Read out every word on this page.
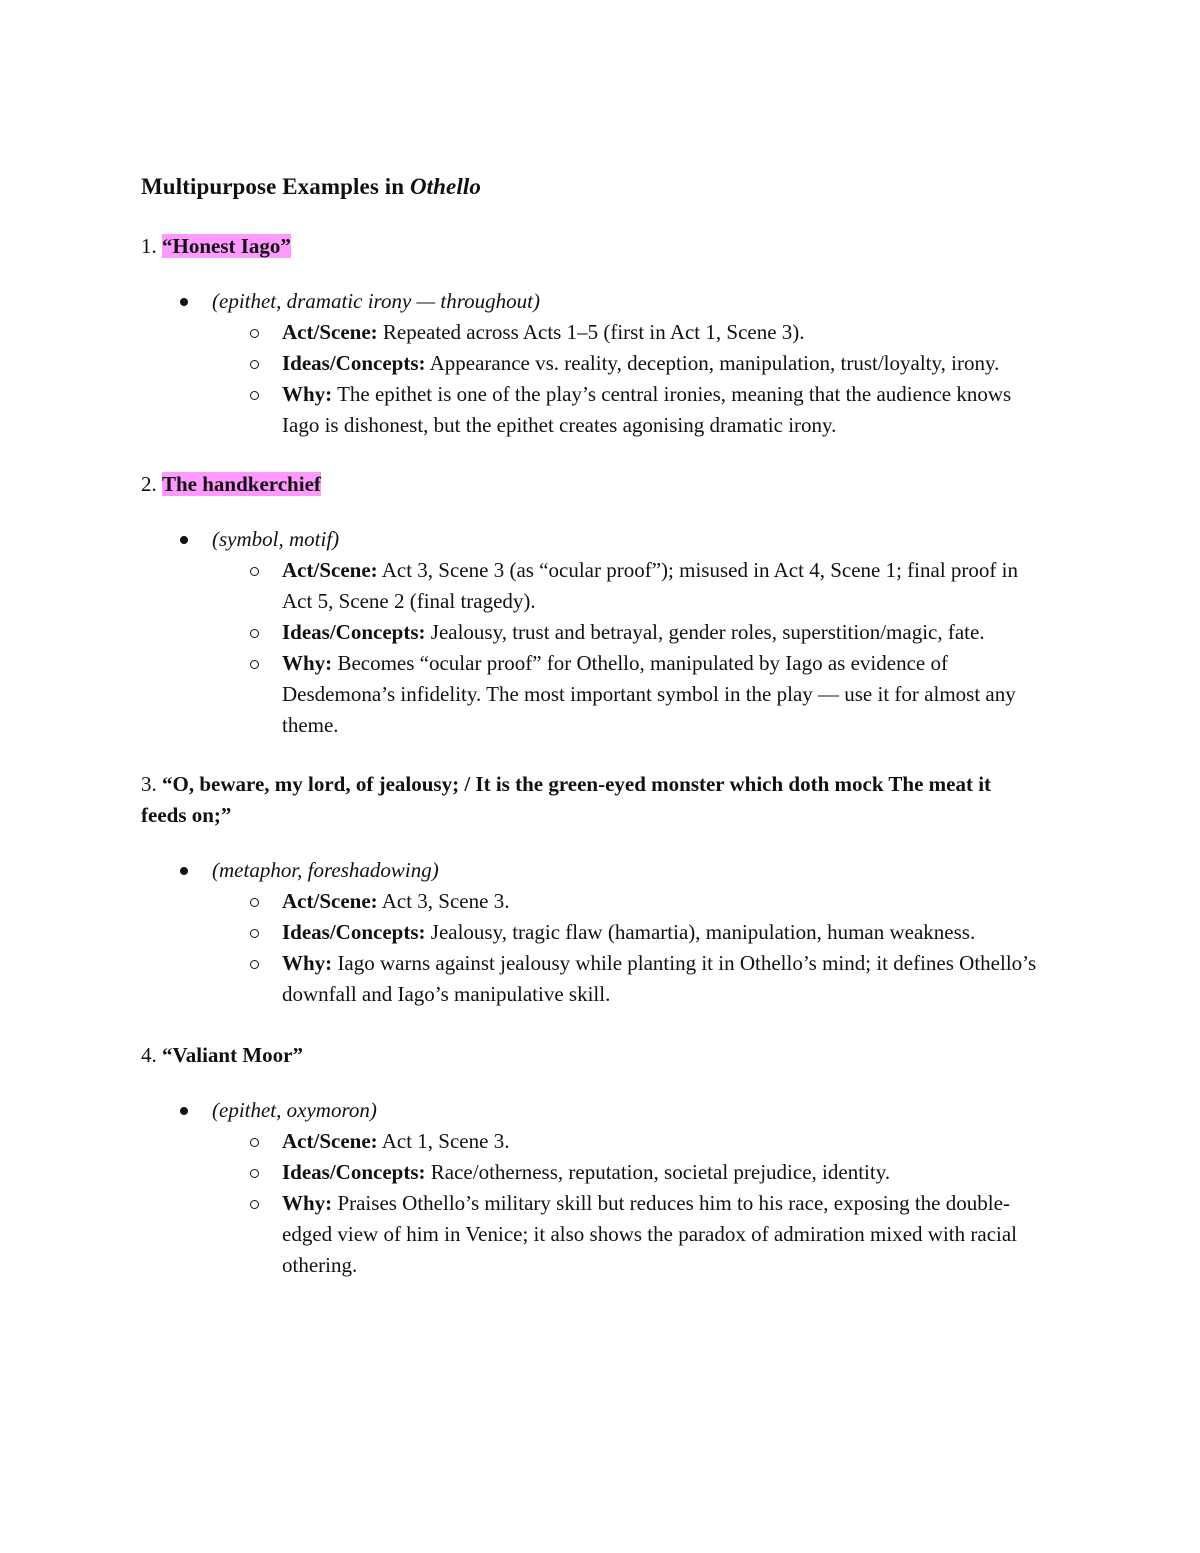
Multipurpose Examples in Othello

1. “Honest Iago”

(epithet, dramatic irony — throughout)

Act/Scene: Repeated across Acts 1–5 (first in Act 1, Scene 3).

Ideas/Concepts: Appearance vs. reality, deception, manipulation, trust/loyalty, irony.

Why: The epithet is one of the play’s central ironies, meaning that the audience knows Iago is dishonest, but the epithet creates agonising dramatic irony.

2. The handkerchief

(symbol, motif)

Act/Scene: Act 3, Scene 3 (as “ocular proof”); misused in Act 4, Scene 1; final proof in Act 5, Scene 2 (final tragedy).

Ideas/Concepts: Jealousy, trust and betrayal, gender roles, superstition/magic, fate.

Why: Becomes “ocular proof” for Othello, manipulated by Iago as evidence of Desdemona’s infidelity. The most important symbol in the play — use it for almost any theme.

3. “O, beware, my lord, of jealousy; / It is the green-eyed monster which doth mock The meat it feeds on;”

(metaphor, foreshadowing)

Act/Scene: Act 3, Scene 3.

Ideas/Concepts: Jealousy, tragic flaw (hamartia), manipulation, human weakness.

Why: Iago warns against jealousy while planting it in Othello’s mind; it defines Othello’s downfall and Iago’s manipulative skill.

4. “Valiant Moor”

(epithet, oxymoron)

Act/Scene: Act 1, Scene 3.

Ideas/Concepts: Race/otherness, reputation, societal prejudice, identity.

Why: Praises Othello’s military skill but reduces him to his race, exposing the double-edged view of him in Venice; it also shows the paradox of admiration mixed with racial othering.
